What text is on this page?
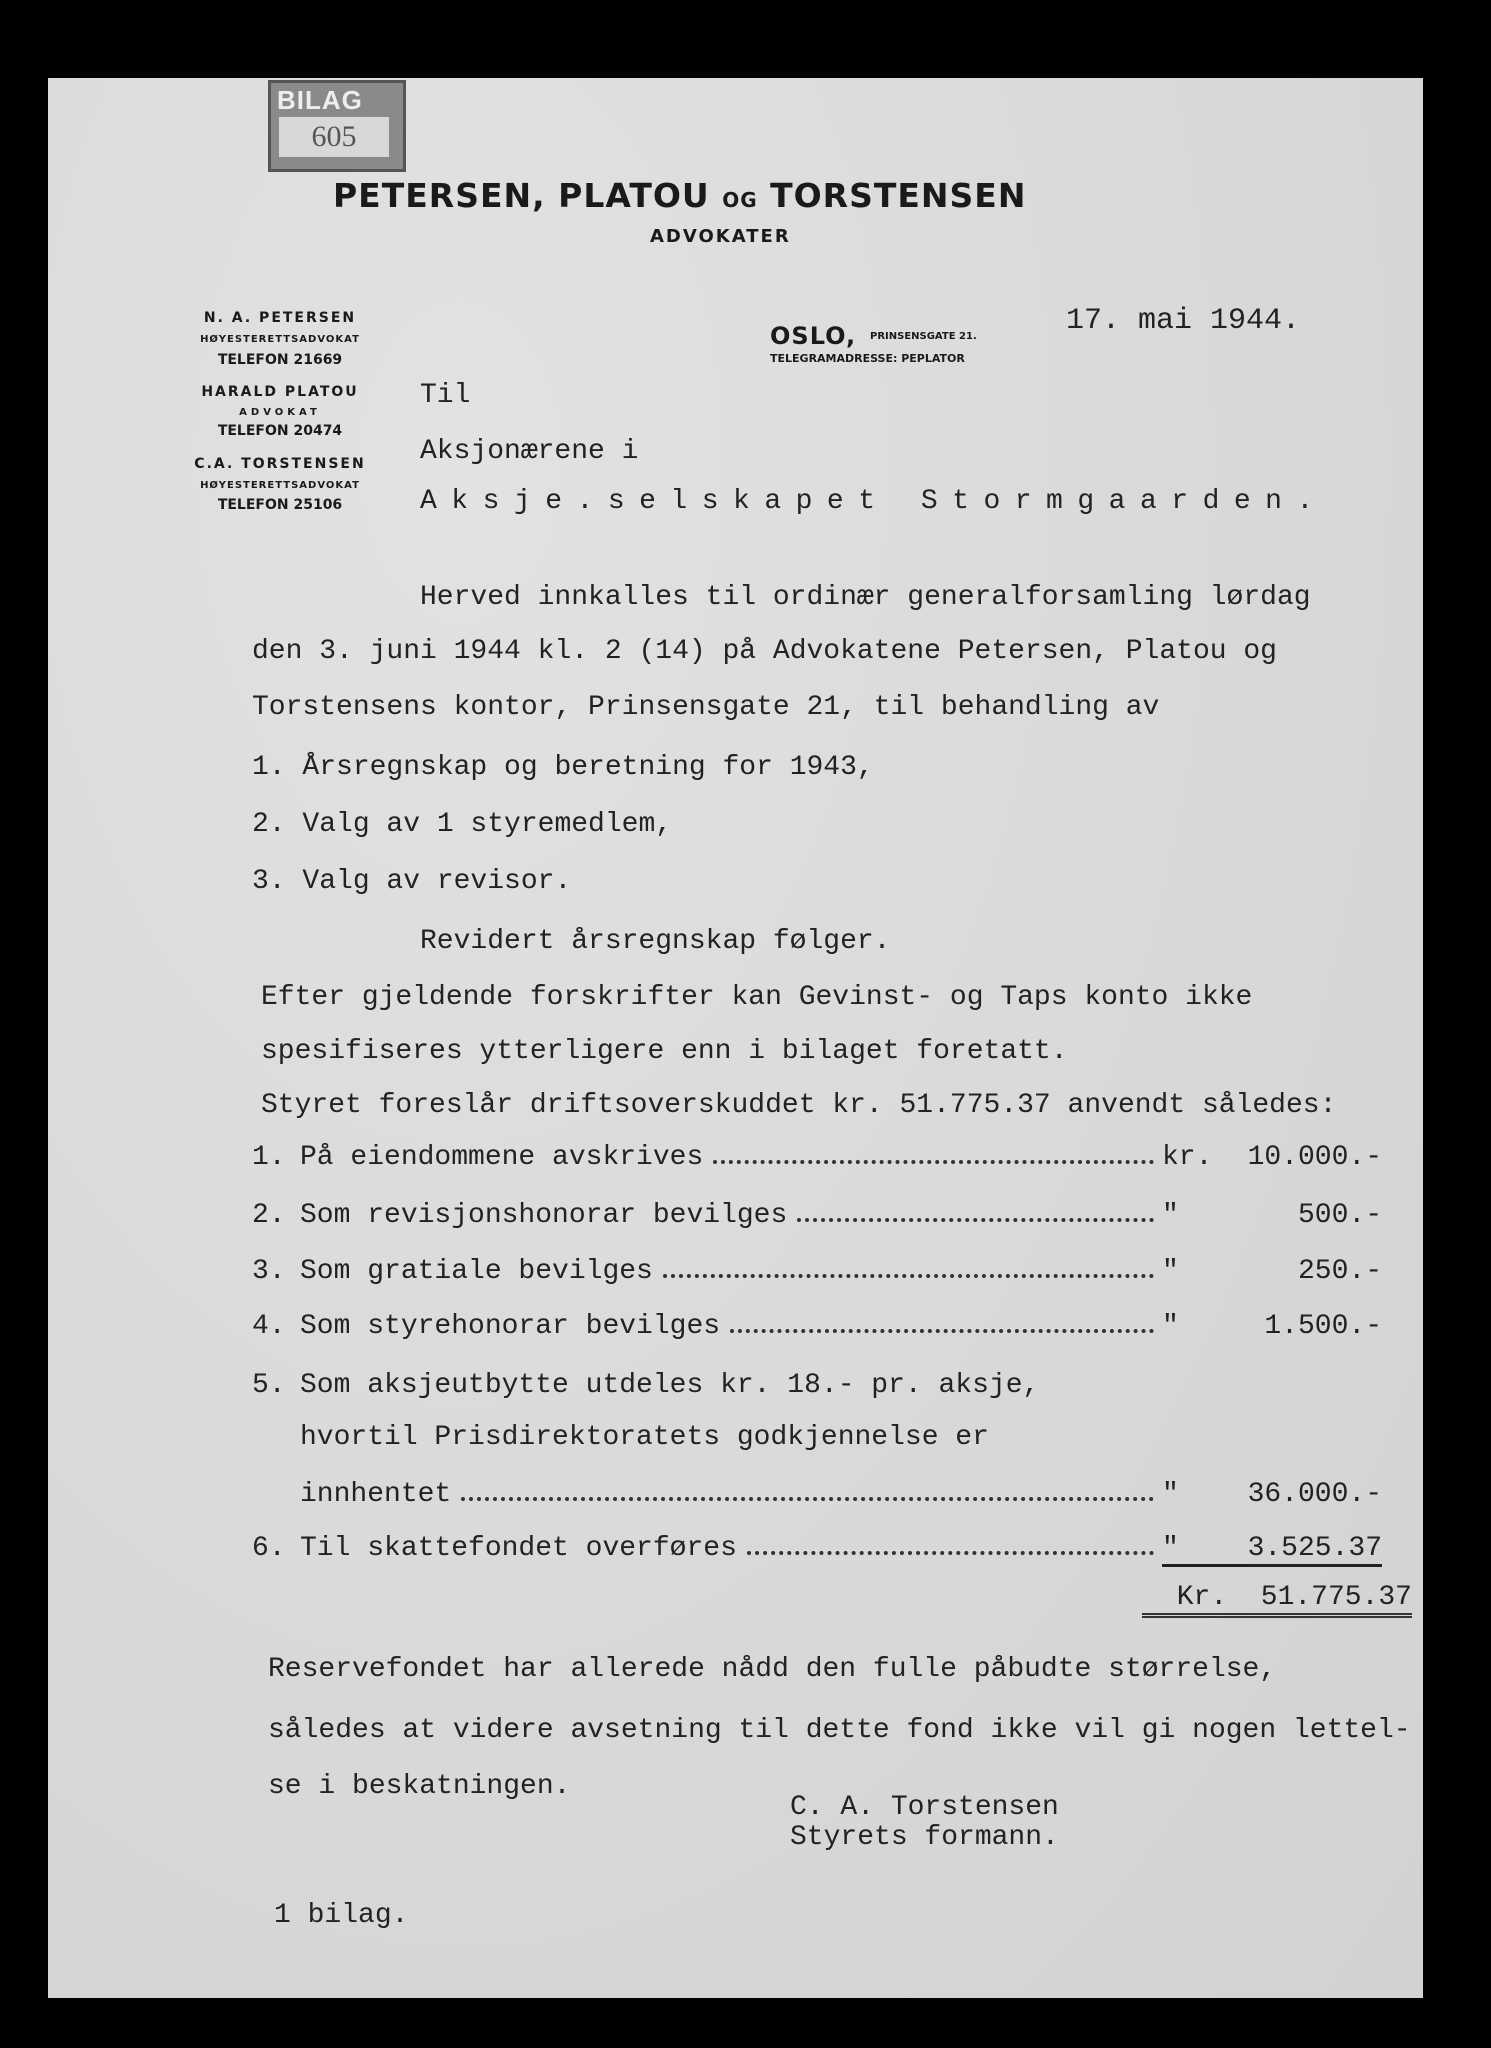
BILAG
605
PETERSEN, PLATOU OG TORSTENSEN
ADVOKATER
N. A. PETERSEN
HØYESTERETTSADVOKAT
TELEFON 21669
HARALD PLATOU
ADVOKAT
TELEFON 20474
C.A. TORSTENSEN
HØYESTERETTSADVOKAT
TELEFON 25106
OSLO, PRINSENSGATE 21.
TELEGRAMADRESSE: PEPLATOR
17. mai 1944.
Til
Aksjonærene i
Aksje.selskapet Stormgaarden.
Herved innkalles til ordinær generalforsamling lørdag
den 3. juni 1944 kl. 2 (14) på Advokatene Petersen, Platou og
Torstensens kontor, Prinsensgate 21, til behandling av
1. Årsregnskap og beretning for 1943,
2. Valg av 1 styremedlem,
3. Valg av revisor.
Revidert årsregnskap følger.
Efter gjeldende forskrifter kan Gevinst- og Taps konto ikke
spesifiseres ytterligere enn i bilaget foretatt.
Styret foreslår driftsoverskuddet kr. 51.775.37 anvendt således:
1. På eiendommene avskrives	kr.	10.000.-
2. Som revisjonshonorar bevilges	"	500.-
3. Som gratiale bevilges	"	250.-
4. Som styrehonorar bevilges	"	1.500.-
5. Som aksjeutbytte utdeles kr. 18.- pr. aksje,
hvortil Prisdirektoratets godkjennelse er
innhentet	"	36.000.-
6. Til skattefondet overføres	"	3.525.37
Kr.  51.775.37
Reservefondet har allerede nådd den fulle påbudte størrelse,
således at videre avsetning til dette fond ikke vil gi nogen lettel-
se i beskatningen.
C. A. Torstensen
Styrets formann.
1 bilag.
